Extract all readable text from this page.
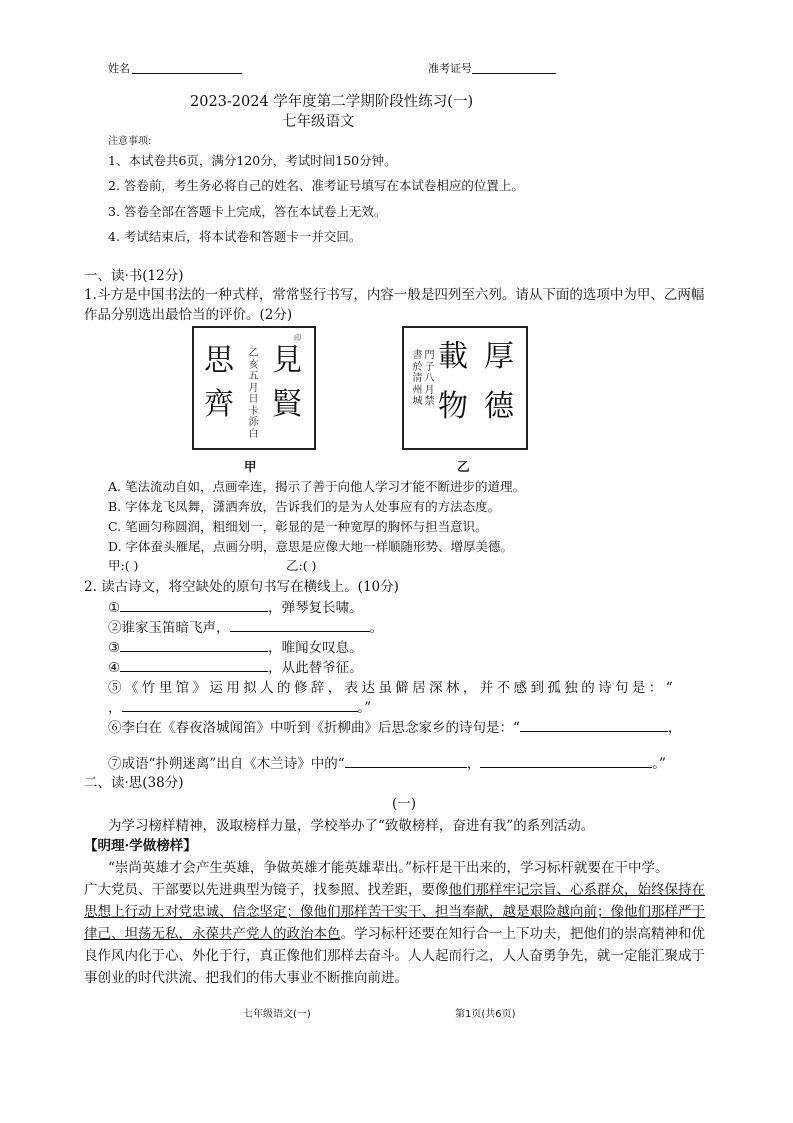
姓名	准考证号
2023-2024 学年度第二学期阶段性练习(一)
七年级语文
注意事项:
1、本试卷共6页，满分120分，考试时间150分钟。
2. 答卷前，考生务必将自己的姓名、准考证号填写在本试卷相应的位置上。
3. 答卷全部在答题卡上完成，答在本试卷上无效。
4. 考试结束后，将本试卷和答题卡一并交回。
一、读·书(12分)
1.斗方是中国书法的一种式样，常常竖行书写，内容一般是四列至六列。请从下面的选项中为甲、乙两幅
作品分别选出最恰当的评价。(2分)
見
賢
思
齊
乙
亥
五
月
日
卡
泺
白
印
甲
厚
德
載
物
門
子
八
月
禁
書
於
清
州
城
乙
A. 笔法流动自如，点画牵连，揭示了善于向他人学习才能不断进步的道理。
B. 字体龙飞凤舞，潇洒奔放，告诉我们的是为人处事应有的方法态度。
C. 笔画匀称圆润，粗细划一，彰显的是一种宽厚的胸怀与担当意识。
D. 字体蚕头雁尾，点画分明，意思是应像大地一样顺随形势、增厚美德。
甲:( )	乙:( )
2. 读古诗文，将空缺处的原句书写在横线上。(10分)
①	，弹琴复长啸。
②谁家玉笛暗飞声，	。
③	，唯闻女叹息。
④	，从此替爷征。
⑤《竹里馆》运用拟人的修辞，表达虽僻居深林，并不感到孤独的诗句是：“
，	。”
⑥李白在《春夜洛城闻笛》中听到《折柳曲》后思念家乡的诗句是：“	，
⑦成语“扑朔迷离”出自《木兰诗》中的“	，	。”
二、读·思(38分)
(一)
为学习榜样精神，汲取榜样力量，学校举办了“致敬榜样，奋进有我”的系列活动。
【明理·学做榜样】
“崇尚英雄才会产生英雄，争做英雄才能英雄辈出。”标杆是干出来的，学习标杆就要在干中学。
广大党员、干部要以先进典型为镜子，找参照、找差距，要像他们那样牢记宗旨、心系群众，始终保持在
思想上行动上对党忠诚、信念坚定；像他们那样苦干实干、担当奉献，越是艰险越向前；像他们那样严于
律己、坦荡无私，永葆共产党人的政治本色。学习标杆还要在知行合一上下功夫，把他们的崇高精神和优
良作风内化于心、外化于行，真正像他们那样去奋斗。人人起而行之，人人奋勇争先，就一定能汇聚成于
事创业的时代洪流、把我们的伟大事业不断推向前进。
七年级语文(一)	第1页(共6页)
